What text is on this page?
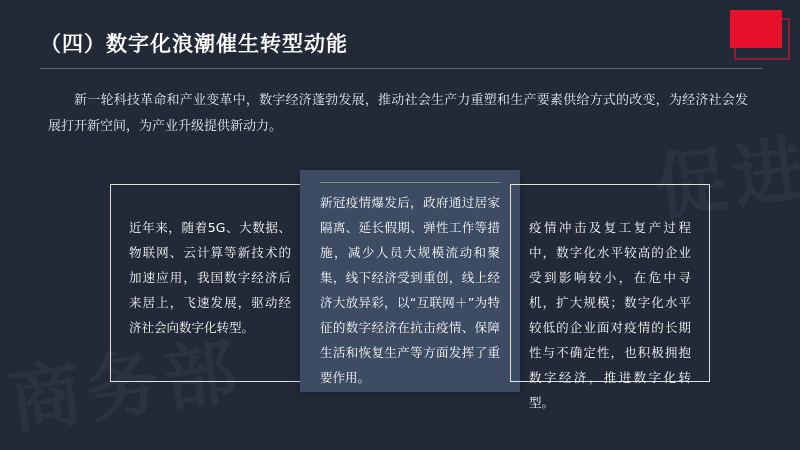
（四）数字化浪潮催生转型动能
新一轮科技革命和产业变革中，数字经济蓬勃发展，推动社会生产力重塑和生产要素供给方式的改变，为经济社会发展打开新空间，为产业升级提供新动力。
近年来，随着5G、大数据、物联网、云计算等新技术的加速应用，我国数字经济后来居上，飞速发展，驱动经济社会向数字化转型。
新冠疫情爆发后，政府通过居家隔离、延长假期、弹性工作等措施，减少人员大规模流动和聚集，线下经济受到重创，线上经济大放异彩，以“互联网＋”为特征的数字经济在抗击疫情、保障生活和恢复生产等方面发挥了重要作用。
疫情冲击及复工复产过程中，数字化水平较高的企业受到影响较小，在危中寻机，扩大规模；数字化水平较低的企业面对疫情的长期性与不确定性，也积极拥抱数字经济，推进数字化转型。
